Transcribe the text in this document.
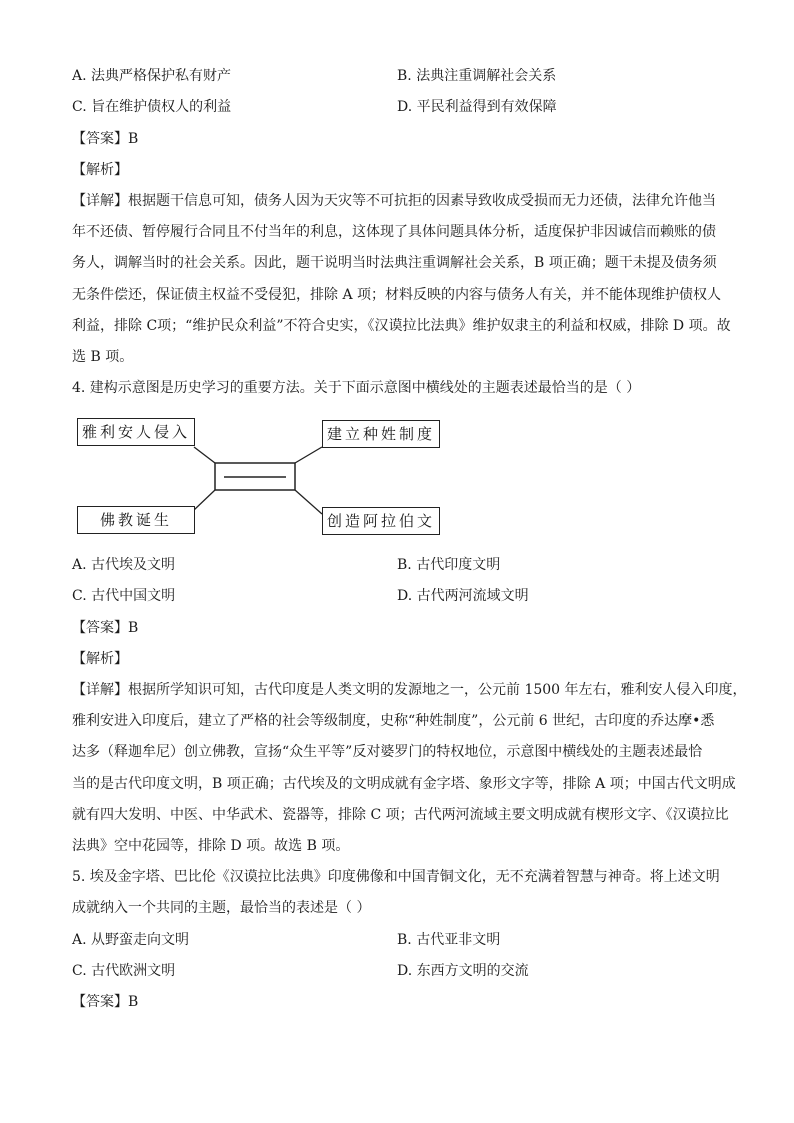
A. 法典严格保护私有财产	B. 法典注重调解社会关系
C. 旨在维护债权人的利益	D. 平民利益得到有效保障
【答案】B
【解析】
【详解】根据题干信息可知，债务人因为天灾等不可抗拒的因素导致收成受损而无力还债，法律允许他当
年不还债、暂停履行合同且不付当年的利息，这体现了具体问题具体分析，适度保护非因诚信而赖账的债
务人，调解当时的社会关系。因此，题干说明当时法典注重调解社会关系，B 项正确；题干未提及债务须
无条件偿还，保证债主权益不受侵犯，排除 A 项；材料反映的内容与债务人有关，并不能体现维护债权人
利益，排除 C项；“维护民众利益”不符合史实，《汉谟拉比法典》维护奴隶主的利益和权威，排除 D 项。故
选 B 项。
4. 建构示意图是历史学习的重要方法。关于下面示意图中横线处的主题表述最恰当的是（ ）
雅利安人侵入
佛教诞生
建立种姓制度
创造阿拉伯文
A. 古代埃及文明	B. 古代印度文明
C. 古代中国文明	D. 古代两河流域文明
【答案】B
【解析】
【详解】根据所学知识可知，古代印度是人类文明的发源地之一，公元前 1500 年左右，雅利安人侵入印度，
雅利安进入印度后，建立了严格的社会等级制度，史称“种姓制度”，公元前 6 世纪，古印度的乔达摩•悉
达多（释迦牟尼）创立佛教，宣扬“众生平等”反对婆罗门的特权地位，示意图中横线处的主题表述最恰
当的是古代印度文明，B 项正确；古代埃及的文明成就有金字塔、象形文字等，排除 A 项；中国古代文明成
就有四大发明、中医、中华武术、瓷器等，排除 C 项；古代两河流域主要文明成就有楔形文字、《汉谟拉比
法典》空中花园等，排除 D 项。故选 B 项。
5. 埃及金字塔、巴比伦《汉谟拉比法典》印度佛像和中国青铜文化，无不充满着智慧与神奇。将上述文明
成就纳入一个共同的主题，最恰当的表述是（ ）
A. 从野蛮走向文明	B. 古代亚非文明
C. 古代欧洲文明	D. 东西方文明的交流
【答案】B
